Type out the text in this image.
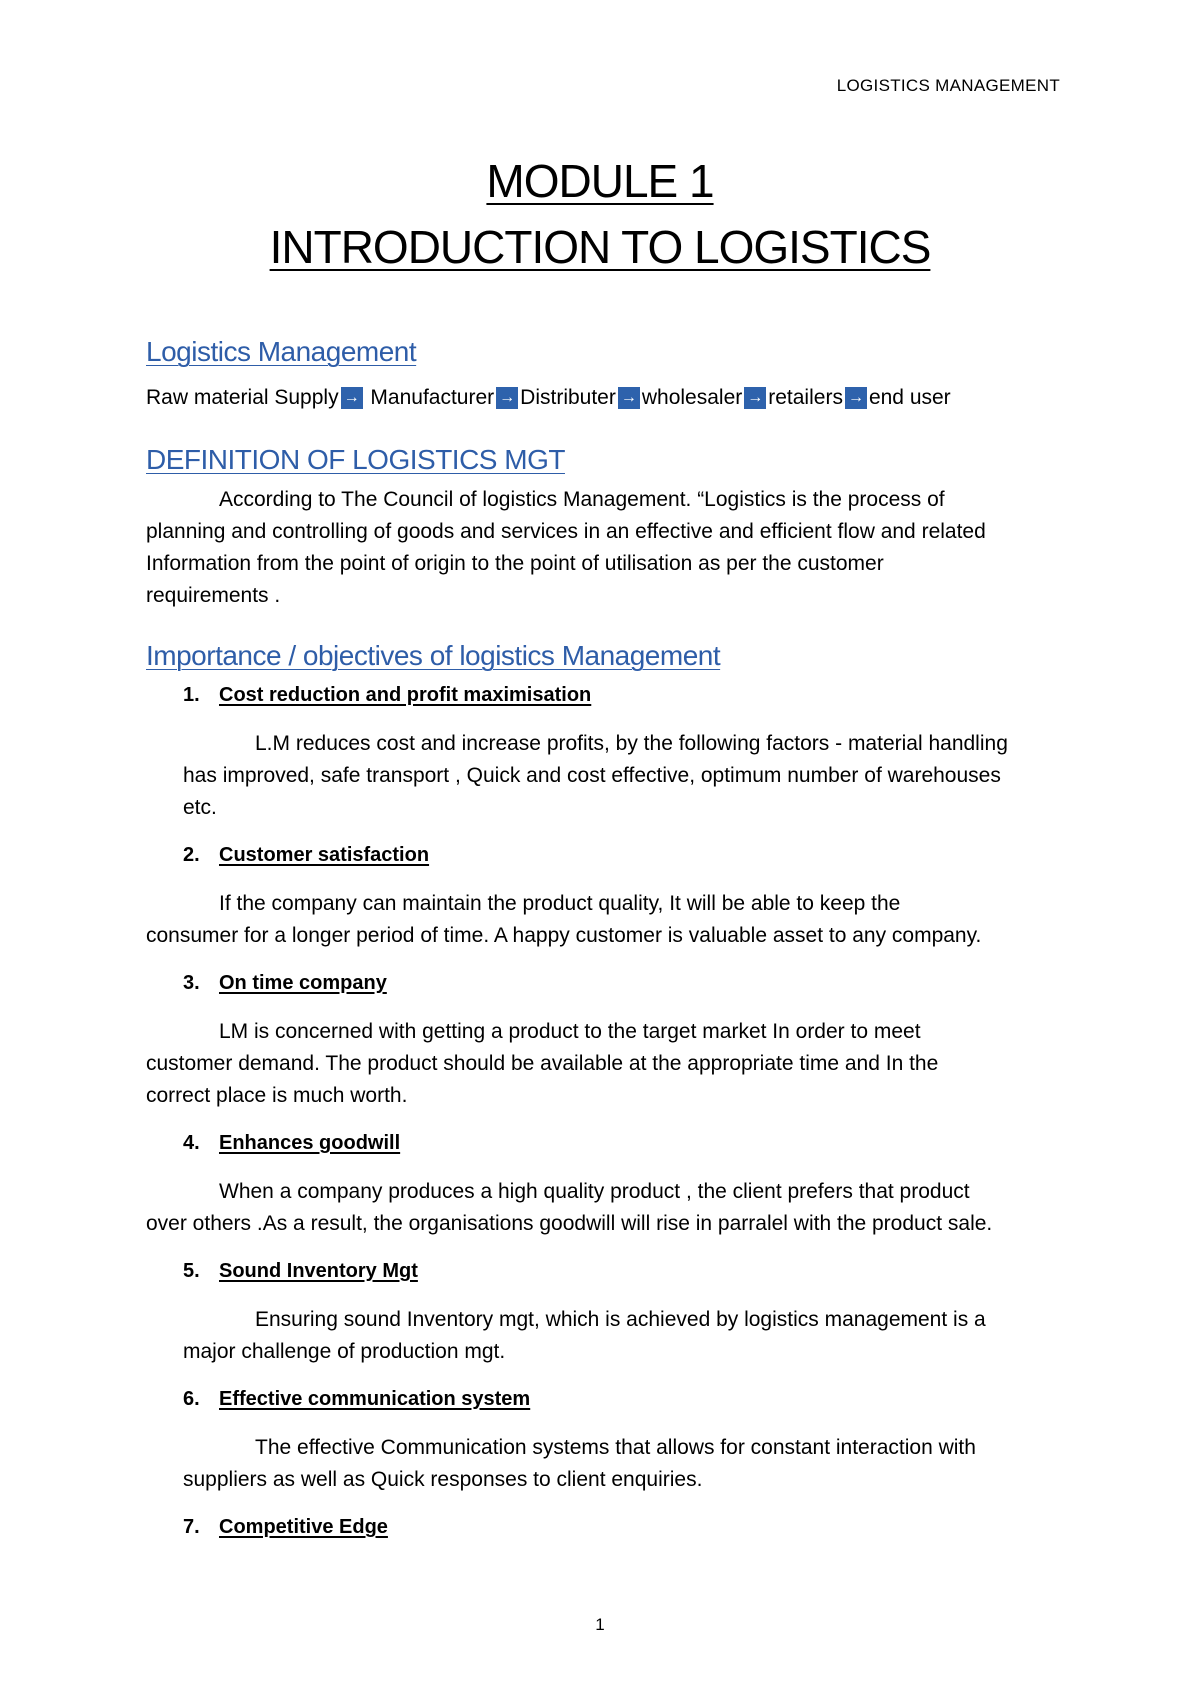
LOGISTICS MANAGEMENT
MODULE 1
INTRODUCTION TO LOGISTICS
Logistics Management
Raw material Supply → Manufacturer → Distributer → wholesaler → retailers → end user
DEFINITION OF LOGISTICS MGT
According to The Council of logistics Management. “Logistics is the process of
planning and controlling of goods and services in an effective and efficient flow and related
Information from the point of origin to the point of utilisation as per the customer
requirements .
Importance / objectives of logistics Management
1. Cost reduction and profit maximisation
L.M reduces cost and increase profits, by the following factors - material handling
has improved, safe transport , Quick and cost effective, optimum number of warehouses
etc.
2. Customer satisfaction
If the company can maintain the product quality, It will be able to keep the
consumer for a longer period of time. A happy customer is valuable asset to any company.
3. On time company
LM is concerned with getting a product to the target market In order to meet
customer demand. The product should be available at the appropriate time and In the
correct place is much worth.
4. Enhances goodwill
When a company produces a high quality product , the client prefers that product
over others .As a result, the organisations goodwill will rise in parralel with the product sale.
5. Sound Inventory Mgt
Ensuring sound Inventory mgt, which is achieved by logistics management is a
major challenge of production mgt.
6. Effective communication system
The effective Communication systems that allows for constant interaction with
suppliers as well as Quick responses to client enquiries.
7. Competitive Edge
1
